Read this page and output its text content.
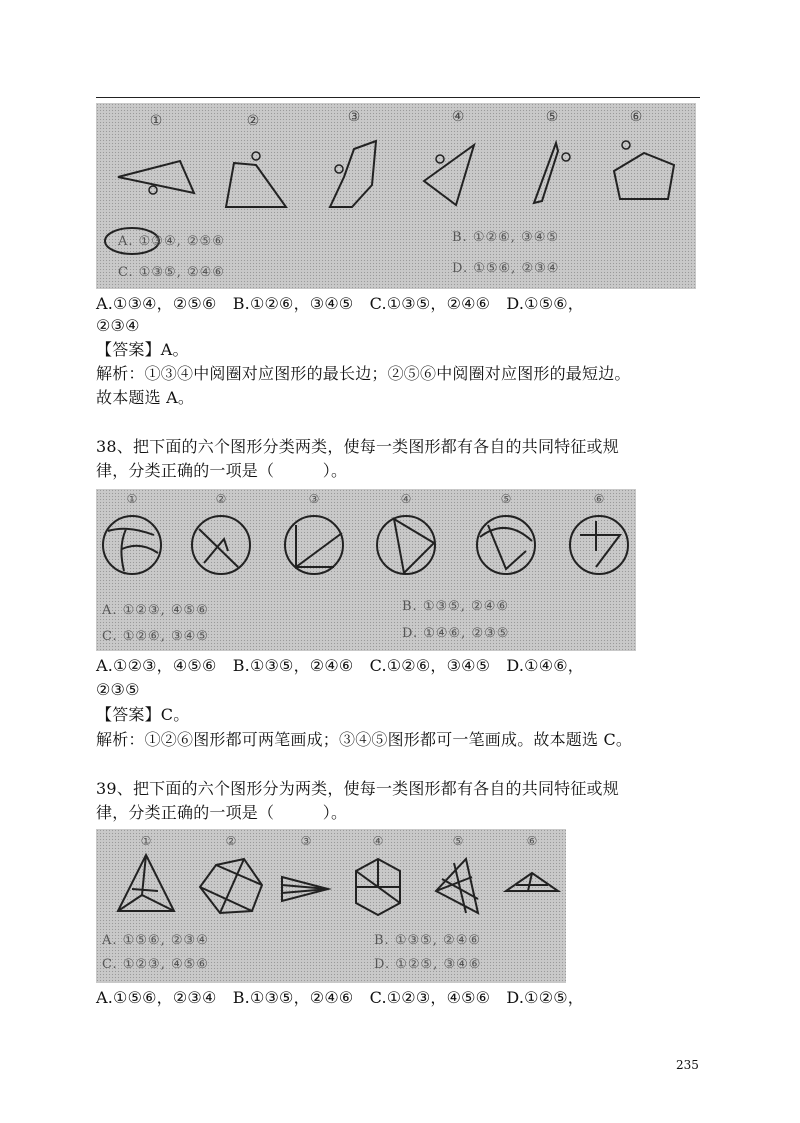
①	②	③	④	⑤	⑥
A. ①③④, ②⑤⑥	B. ①②⑥, ③④⑤
C. ①③⑤, ②④⑥	D. ①⑤⑥, ②③④
A.①③④，②⑤⑥　B.①②⑥，③④⑤　C.①③⑤，②④⑥　D.①⑤⑥，
②③④
【答案】A。
解析：①③④中阅圈对应图形的最长边；②⑤⑥中阅圈对应图形的最短边。
故本题选 A。
38、把下面的六个图形分类两类，使每一类图形都有各自的共同特征或规
律，分类正确的一项是（　　　）。
①	②	③	④	⑤	⑥
A. ①②③, ④⑤⑥	B. ①③⑤, ②④⑥
C. ①②⑥, ③④⑤	D. ①④⑥, ②③⑤
A.①②③，④⑤⑥　B.①③⑤，②④⑥　C.①②⑥，③④⑤　D.①④⑥，
②③⑤
【答案】C。
解析：①②⑥图形都可两笔画成；③④⑤图形都可一笔画成。故本题选 C。
39、把下面的六个图形分为两类，使每一类图形都有各自的共同特征或规
律，分类正确的一项是（　　　）。
①	②	③	④	⑤	⑥
A. ①⑤⑥, ②③④	B. ①③⑤, ②④⑥
C. ①②③, ④⑤⑥	D. ①②⑤, ③④⑥
A.①⑤⑥，②③④　B.①③⑤，②④⑥　C.①②③，④⑤⑥　D.①②⑤，
235
